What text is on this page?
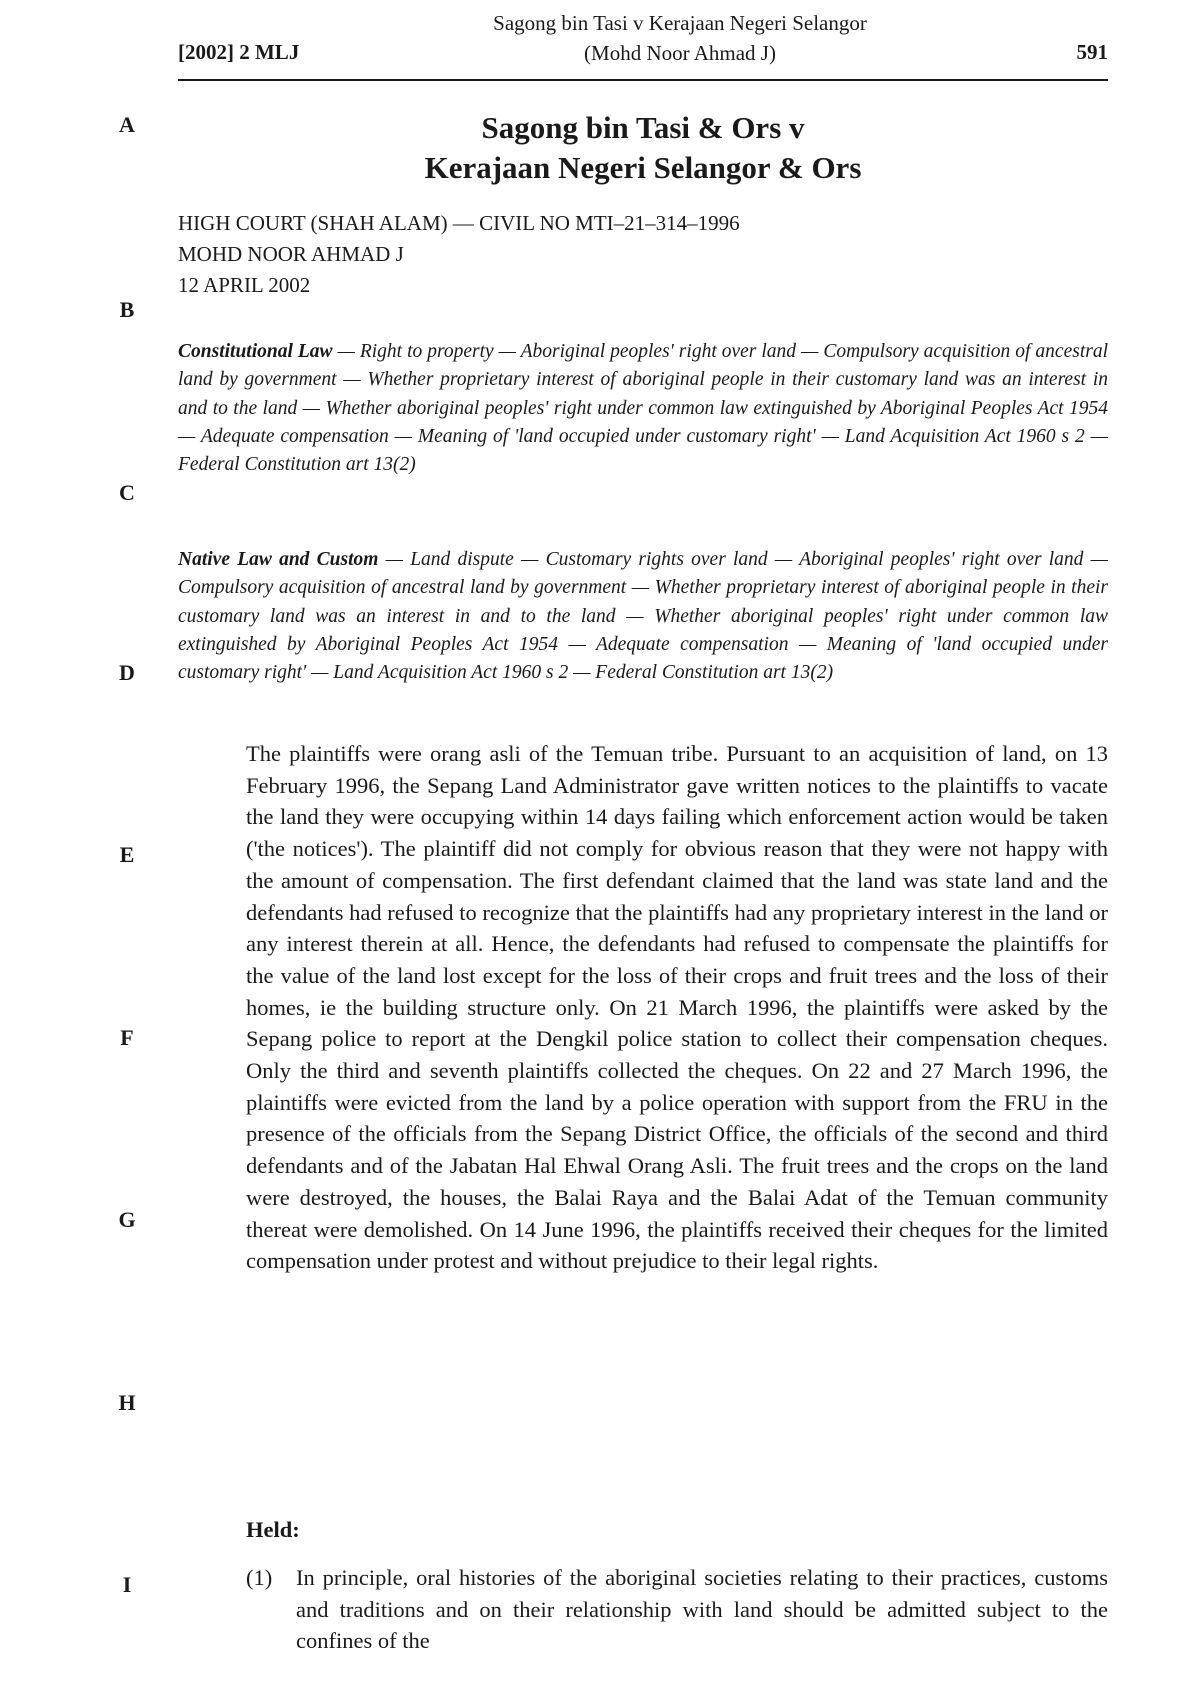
[2002] 2 MLJ
Sagong bin Tasi v Kerajaan Negeri Selangor
(Mohd Noor Ahmad J)	591
A
B
C
D
E
F
G
H
I
Sagong bin Tasi & Ors v
Kerajaan Negeri Selangor & Ors
HIGH COURT (SHAH ALAM) — CIVIL NO MTI–21–314–1996
MOHD NOOR AHMAD J
12 APRIL 2002

Constitutional Law — Right to property — Aboriginal peoples' right over land — Compulsory acquisition of ancestral land by government — Whether proprietary interest of aboriginal people in their customary land was an interest in and to the land — Whether aboriginal peoples' right under common law extinguished by Aboriginal Peoples Act 1954 — Adequate compensation — Meaning of 'land occupied under customary right' — Land Acquisition Act 1960 s 2 — Federal Constitution art 13(2)

Native Law and Custom — Land dispute — Customary rights over land — Aboriginal peoples' right over land — Compulsory acquisition of ancestral land by government — Whether proprietary interest of aboriginal people in their customary land was an interest in and to the land — Whether aboriginal peoples' right under common law extinguished by Aboriginal Peoples Act 1954 — Adequate compensation — Meaning of 'land occupied under customary right' — Land Acquisition Act 1960 s 2 — Federal Constitution art 13(2)

The plaintiffs were orang asli of the Temuan tribe. Pursuant to an acquisition of land, on 13 February 1996, the Sepang Land Administrator gave written notices to the plaintiffs to vacate the land they were occupying within 14 days failing which enforcement action would be taken ('the notices'). The plaintiff did not comply for obvious reason that they were not happy with the amount of compensation. The first defendant claimed that the land was state land and the defendants had refused to recognize that the plaintiffs had any proprietary interest in the land or any interest therein at all. Hence, the defendants had refused to compensate the plaintiffs for the value of the land lost except for the loss of their crops and fruit trees and the loss of their homes, ie the building structure only. On 21 March 1996, the plaintiffs were asked by the Sepang police to report at the Dengkil police station to collect their compensation cheques. Only the third and seventh plaintiffs collected the cheques. On 22 and 27 March 1996, the plaintiffs were evicted from the land by a police operation with support from the FRU in the presence of the officials from the Sepang District Office, the officials of the second and third defendants and of the Jabatan Hal Ehwal Orang Asli. The fruit trees and the crops on the land were destroyed, the houses, the Balai Raya and the Balai Adat of the Temuan community thereat were demolished. On 14 June 1996, the plaintiffs received their cheques for the limited compensation under protest and without prejudice to their legal rights.

Held:
(1) In principle, oral histories of the aboriginal societies relating to their practices, customs and traditions and on their relationship with land should be admitted subject to the confines of the
